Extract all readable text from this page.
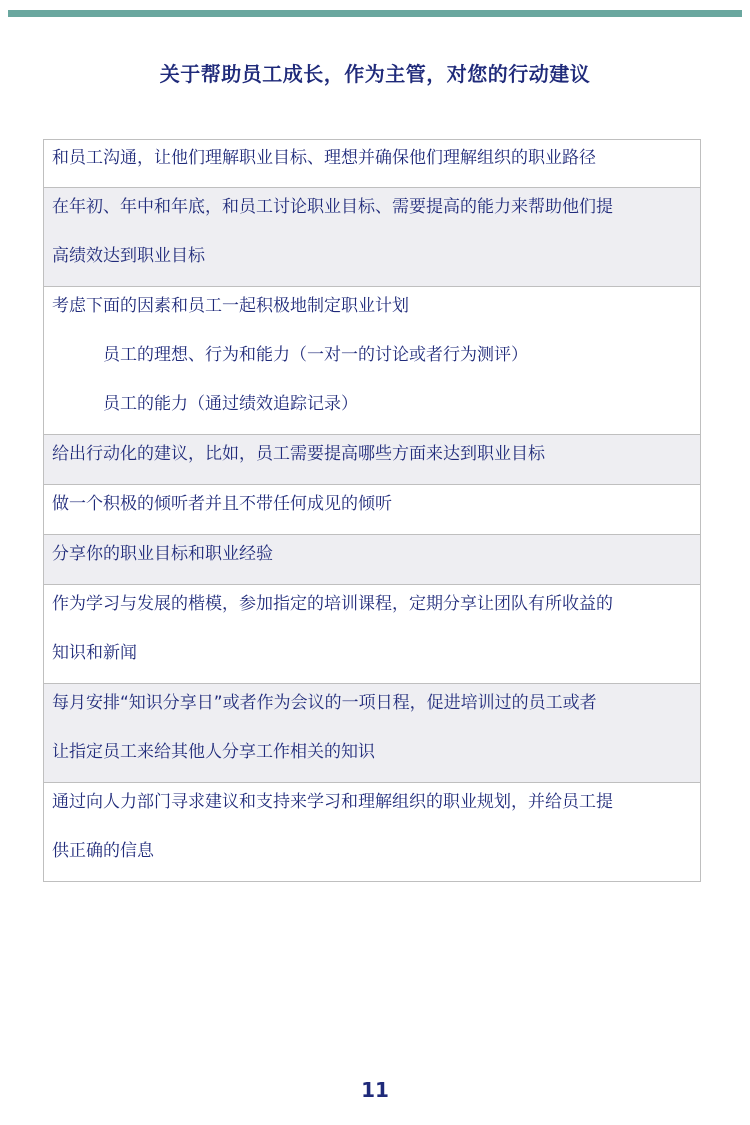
关于帮助员工成长，作为主管，对您的行动建议
和员工沟通，让他们理解职业目标、理想并确保他们理解组织的职业路径
在年初、年中和年底，和员工讨论职业目标、需要提高的能力来帮助他们提
高绩效达到职业目标
考虑下面的因素和员工一起积极地制定职业计划
员工的理想、行为和能力（一对一的讨论或者行为测评）
员工的能力（通过绩效追踪记录）
给出行动化的建议，比如，员工需要提高哪些方面来达到职业目标
做一个积极的倾听者并且不带任何成见的倾听
分享你的职业目标和职业经验
作为学习与发展的楷模，参加指定的培训课程，定期分享让团队有所收益的
知识和新闻
每月安排“知识分享日”或者作为会议的一项日程，促进培训过的员工或者
让指定员工来给其他人分享工作相关的知识
通过向人力部门寻求建议和支持来学习和理解组织的职业规划，并给员工提
供正确的信息
11
